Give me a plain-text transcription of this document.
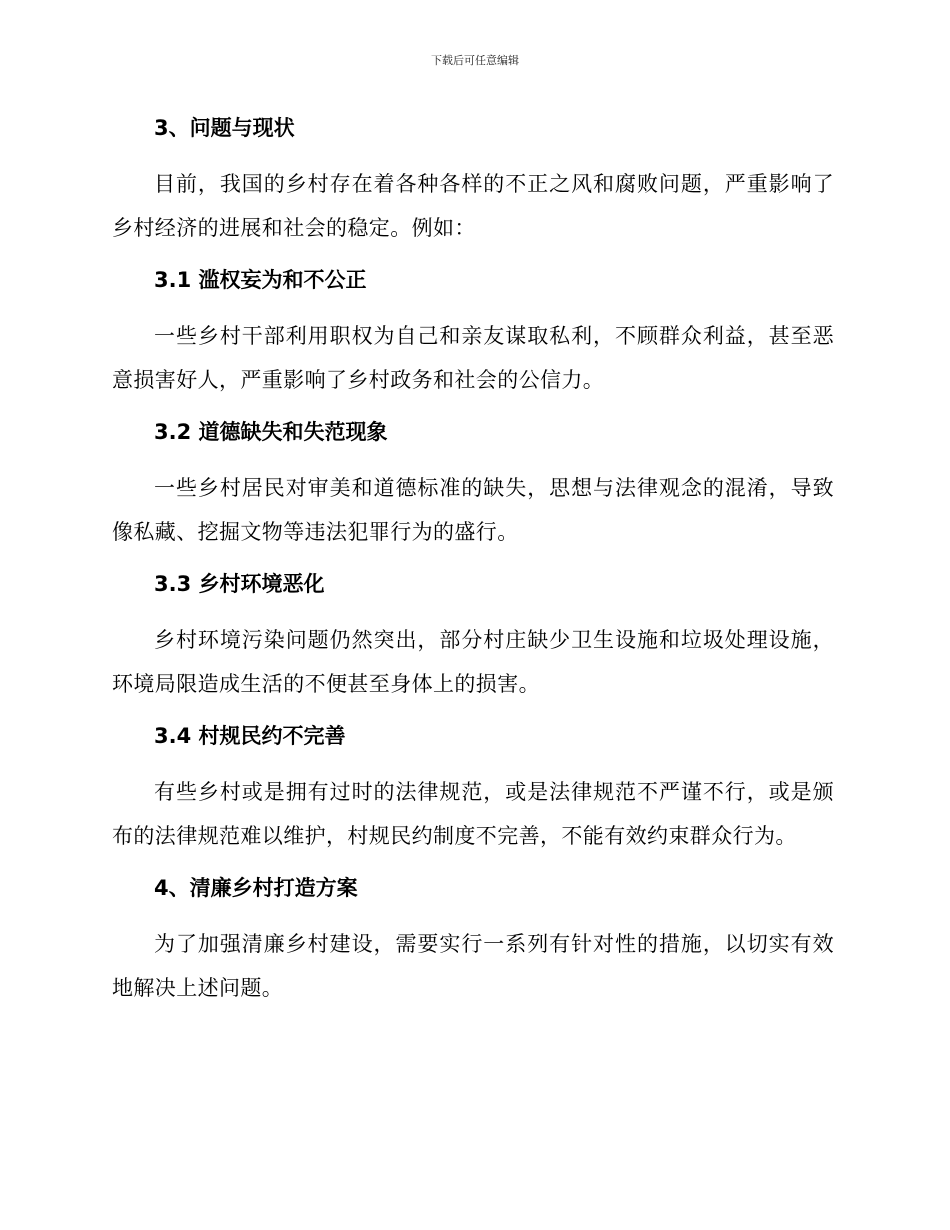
下载后可任意编辑
3、问题与现状
目前，我国的乡村存在着各种各样的不正之风和腐败问题，严重影响了乡村经济的进展和社会的稳定。例如：
3.1 滥权妄为和不公正
一些乡村干部利用职权为自己和亲友谋取私利，不顾群众利益，甚至恶意损害好人，严重影响了乡村政务和社会的公信力。
3.2 道德缺失和失范现象
一些乡村居民对审美和道德标准的缺失，思想与法律观念的混淆，导致像私藏、挖掘文物等违法犯罪行为的盛行。
3.3 乡村环境恶化
乡村环境污染问题仍然突出，部分村庄缺少卫生设施和垃圾处理设施，环境局限造成生活的不便甚至身体上的损害。
3.4 村规民约不完善
有些乡村或是拥有过时的法律规范，或是法律规范不严谨不行，或是颁布的法律规范难以维护，村规民约制度不完善，不能有效约束群众行为。
4、清廉乡村打造方案
为了加强清廉乡村建设，需要实行一系列有针对性的措施，以切实有效地解决上述问题。
